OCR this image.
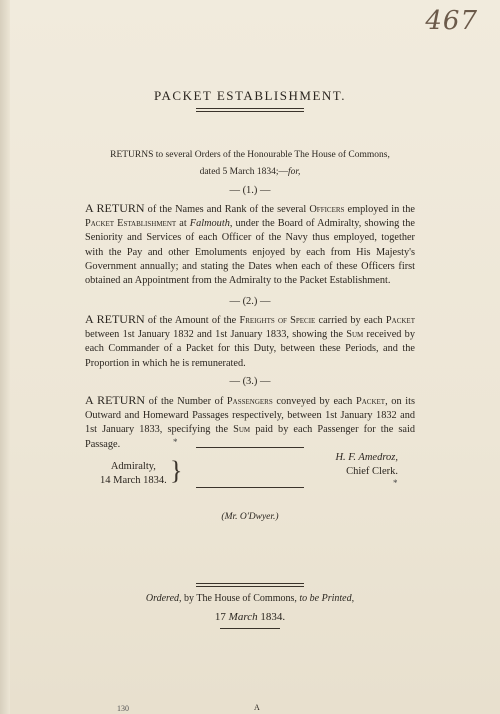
467
PACKET ESTABLISHMENT.
RETURNS to several Orders of the Honourable The House of Commons,
dated 5 March 1834;—for,
— (1.) —
A RETURN of the Names and Rank of the several Officers employed in the Packet Establishment at Falmouth, under the Board of Admiralty, showing the Seniority and Services of each Officer of the Navy thus employed, together with the Pay and other Emoluments enjoyed by each from His Majesty's Government annually; and stating the Dates when each of these Officers first obtained an Appointment from the Admiralty to the Packet Establishment.
— (2.) —
A RETURN of the Amount of the Freights of Specie carried by each Packet between 1st January 1832 and 1st January 1833, showing the Sum received by each Commander of a Packet for this Duty, between these Periods, and the Proportion in which he is remunerated.
— (3.) —
A RETURN of the Number of Passengers conveyed by each Packet, on its Outward and Homeward Passages respectively, between 1st January 1832 and 1st January 1833, specifying the Sum paid by each Passenger for the said Passage.	*
Admiralty,
14 March 1834. }	H. F. Amedroz,
Chief Clerk.
*
(Mr. O'Dwyer.)
Ordered, by The House of Commons, to be Printed,
17 March 1834.
130	A
